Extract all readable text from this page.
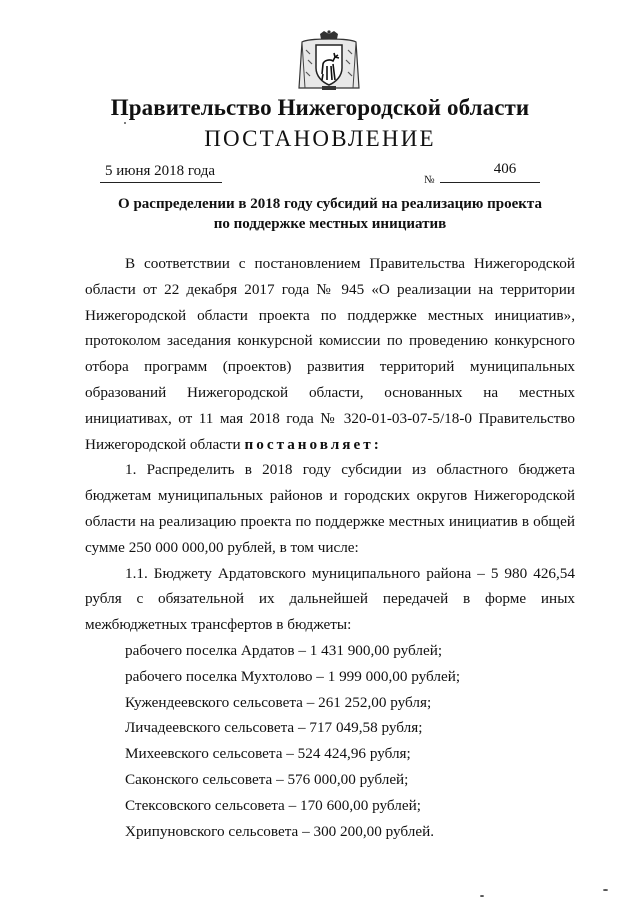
Правительство Нижегородской области
ПОСТАНОВЛЕНИЕ
5 июня 2018 года
№
406
О распределении в 2018 году субсидий на реализацию проекта
по поддержке местных инициатив
В соответствии с постановлением Правительства Нижегородской
области от 22 декабря 2017 года № 945 «О реализации на территории
Нижегородской области проекта по поддержке местных инициатив»,
протоколом заседания конкурсной комиссии по проведению конкурсного
отбора программ (проектов) развития территорий муниципальных
образований Нижегородской области, основанных на местных
инициативах, от 11 мая 2018 года № 320-01-03-07-5/18-0 Правительство
Нижегородской области постановляет:
1. Распределить в 2018 году субсидии из областного бюджета
бюджетам муниципальных районов и городских округов Нижегородской
области на реализацию проекта по поддержке местных инициатив в общей
сумме 250 000 000,00 рублей, в том числе:
1.1. Бюджету Ардатовского муниципального района – 5 980 426,54
рубля с обязательной их дальнейшей передачей в форме иных
межбюджетных трансфертов в бюджеты:
рабочего поселка Ардатов – 1 431 900,00 рублей;
рабочего поселка Мухтолово – 1 999 000,00 рублей;
Кужендеевского сельсовета – 261 252,00 рубля;
Личадеевского сельсовета – 717 049,58 рубля;
Михеевского сельсовета – 524 424,96 рубля;
Саконского сельсовета – 576 000,00 рублей;
Стексовского сельсовета – 170 600,00 рублей;
Хрипуновского сельсовета – 300 200,00 рублей.
